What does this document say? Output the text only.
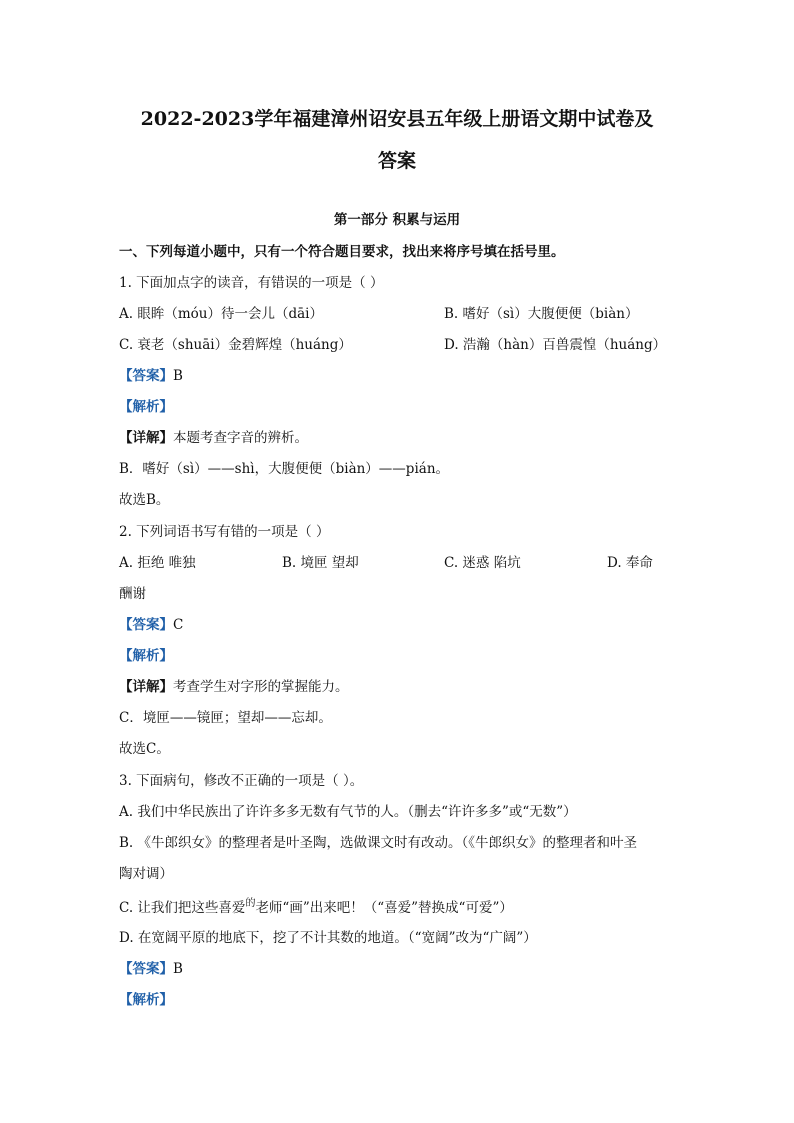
2022-2023学年福建漳州诏安县五年级上册语文期中试卷及
答案
第一部分 积累与运用
一、下列每道小题中，只有一个符合题目要求，找出来将序号填在括号里。
1. 下面加点字的读音，有错误的一项是（ ）
A. 眼眸（móu）待一会儿（dāi）	B. 嗜好（sì）大腹便便（biàn）
C. 衰老（shuāi）金碧辉煌（huáng）	D. 浩瀚（hàn）百兽震惶（huáng）
【答案】B
【解析】
【详解】本题考查字音的辨析。
B．嗜好（sì）——shì，大腹便便（biàn）——pián。
故选B。
2. 下列词语书写有错的一项是（ ）
A. 拒绝 唯独	B. 境匣 望却	C. 迷惑 陷坑	D. 奉命
酬谢
【答案】C
【解析】
【详解】考查学生对字形的掌握能力。
C．境匣——镜匣；望却——忘却。
故选C。
3. 下面病句，修改不正确的一项是（ ）。
A. 我们中华民族出了许许多多无数有气节的人。（删去“许许多多”或“无数”）
B. 《牛郎织女》的整理者是叶圣陶，选做课文时有改动。（《牛郎织女》的整理者和叶圣
陶对调）
C. 让我们把这些喜爱$^的$老师“画”出来吧！（“喜爱”替换成“可爱”）
D. 在宽阔平原的地底下，挖了不计其数的地道。（“宽阔”改为“广阔”）
【答案】B
【解析】
